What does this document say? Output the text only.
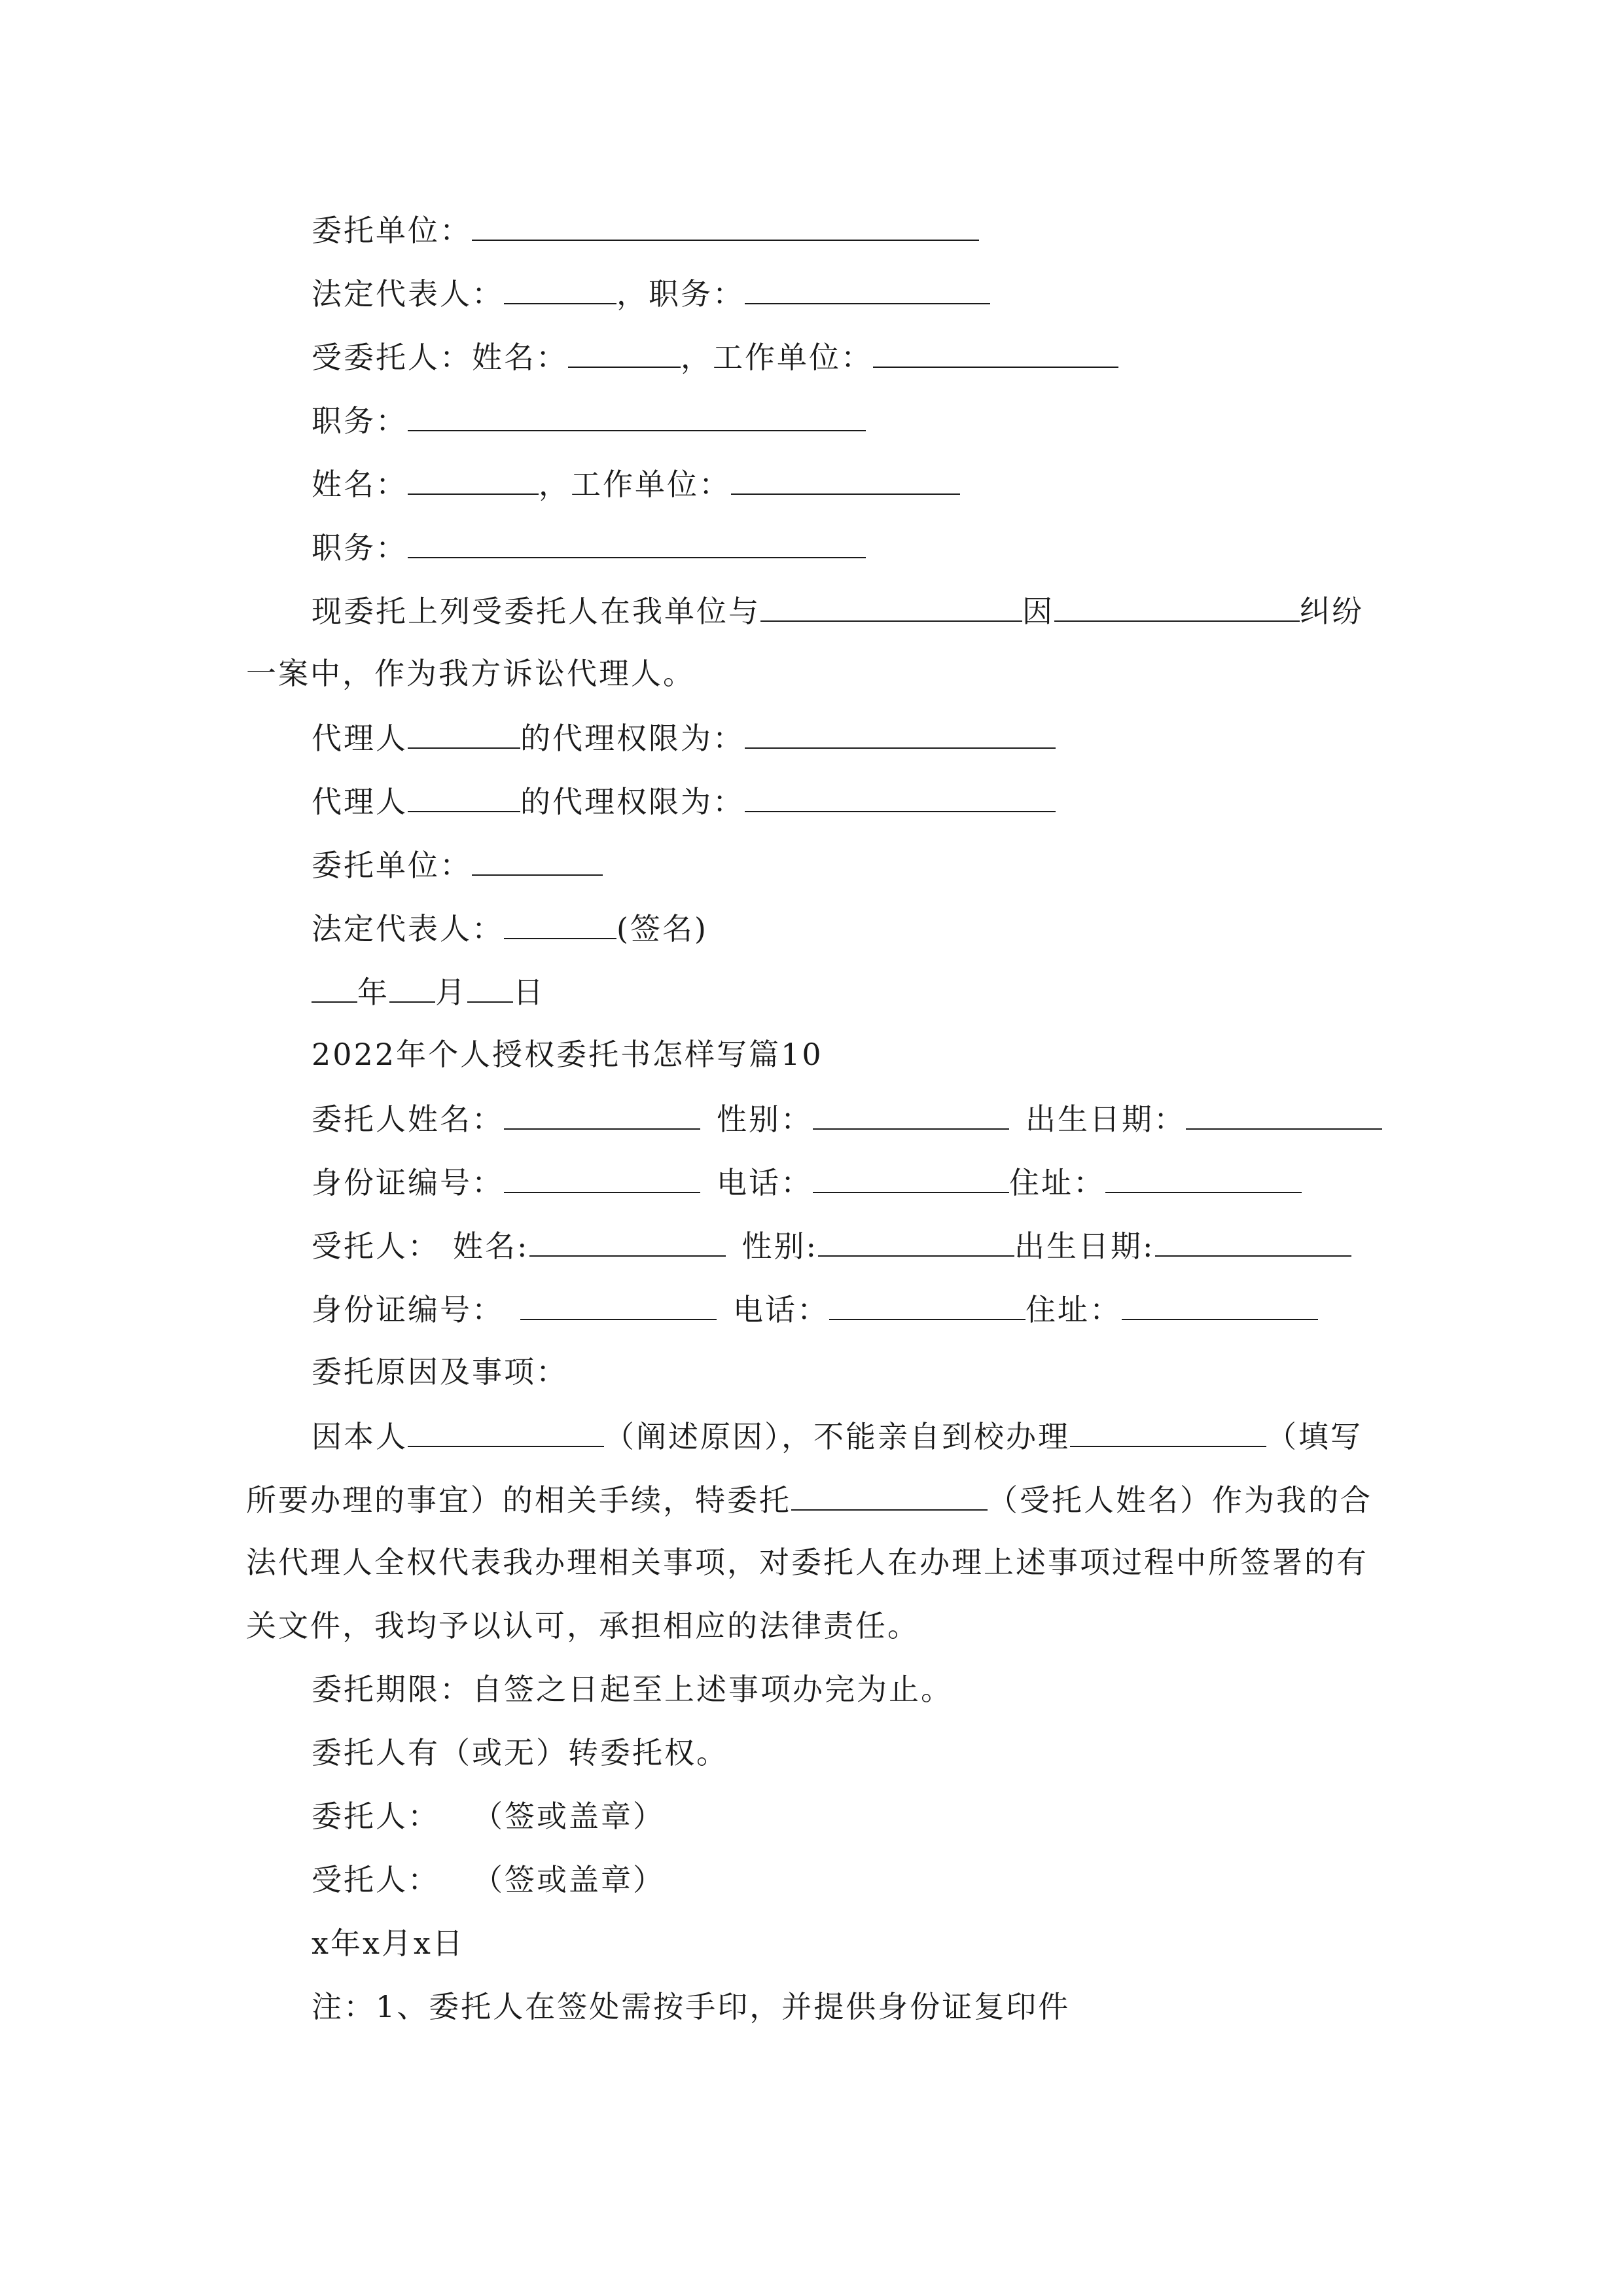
委托单位：
法定代表人：	，职务：
受委托人：姓名：	，工作单位：
职务：
姓名：	，工作单位：
职务：
现委托上列受委托人在我单位与	因	纠纷
一案中，作为我方诉讼代理人。
代理人	的代理权限为：
代理人	的代理权限为：
委托单位：
法定代表人：	(签名)
年 月 日
2022年个人授权委托书怎样写篇10
委托人姓名：	性别：	出生日期：
身份证编号：	电话：	住址：
受托人： 姓名:	性别:	出生日期:
身份证编号：	电话：	住址：
委托原因及事项：
因本人	（阐述原因），不能亲自到校办理	（填写
所要办理的事宜）的相关手续，特委托	（受托人姓名）作为我的合
法代理人全权代表我办理相关事项，对委托人在办理上述事项过程中所签署的有
关文件，我均予以认可，承担相应的法律责任。
委托期限：自签之日起至上述事项办完为止。
委托人有（或无）转委托权。
委托人： （签或盖章）
受托人： （签或盖章）
x年x月x日
注：1、委托人在签处需按手印，并提供身份证复印件
